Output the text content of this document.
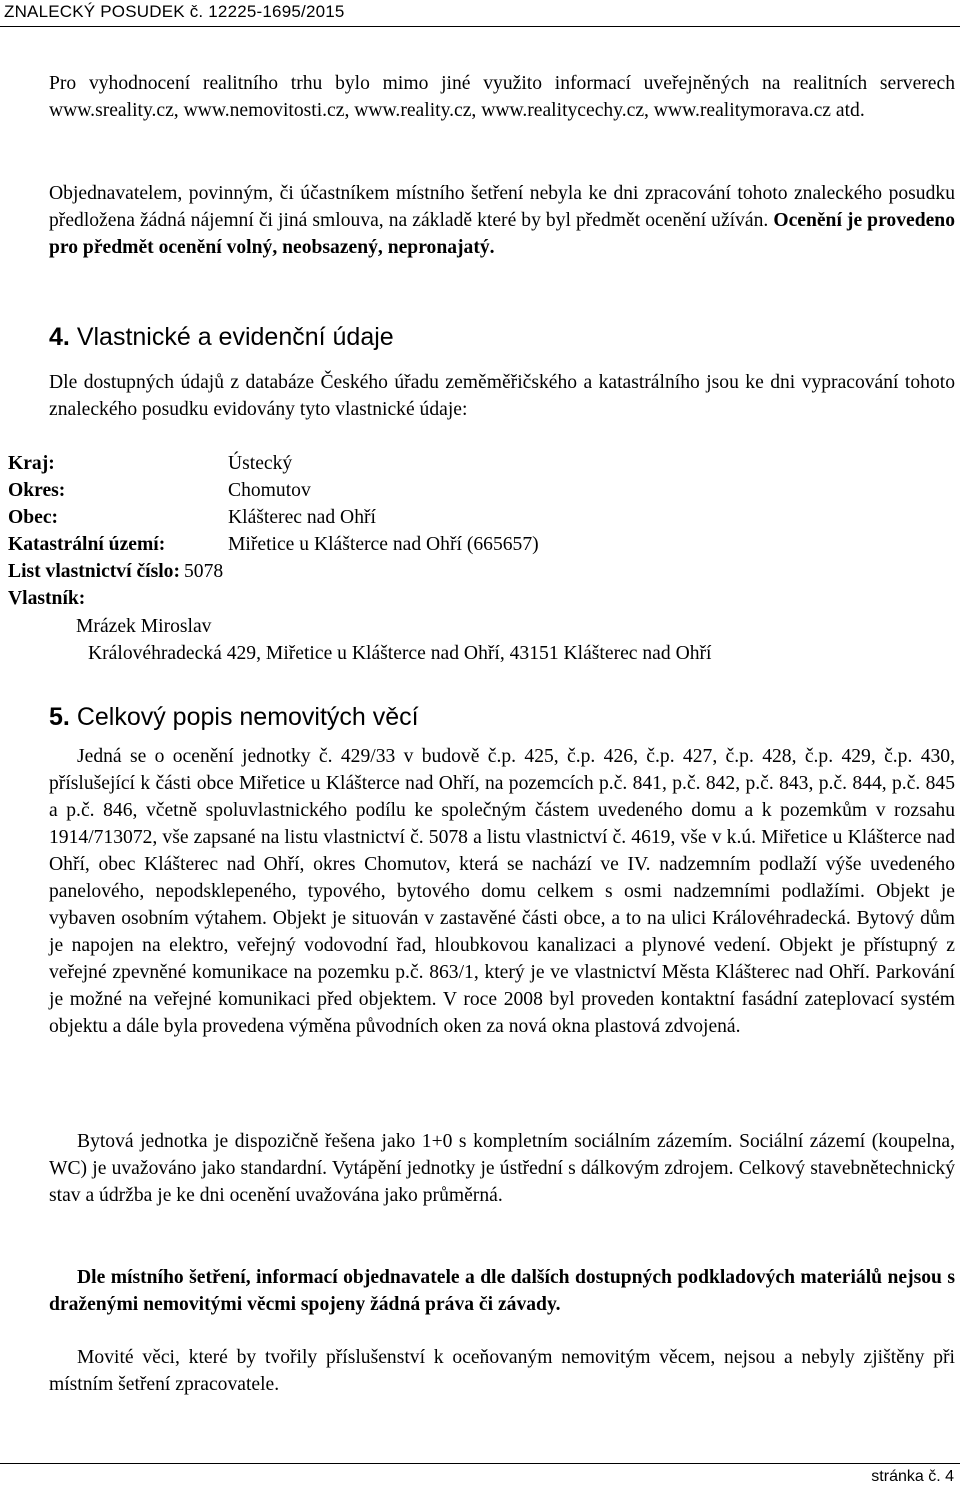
ZNALECKÝ POSUDEK č. 12225-1695/2015

Pro vyhodnocení realitního trhu bylo mimo jiné využito informací uveřejněných na realitních serverech www.sreality.cz, www.nemovitosti.cz, www.reality.cz, www.realitycechy.cz, www.realitymorava.cz atd.

Objednavatelem, povinným, či účastníkem místního šetření nebyla ke dni zpracování tohoto znaleckého posudku předložena žádná nájemní či jiná smlouva, na základě které by byl předmět ocenění užíván. Ocenění je provedeno pro předmět ocenění volný, neobsazený, nepronajatý.

4. Vlastnické a evidenční údaje

Dle dostupných údajů z databáze Českého úřadu zeměměřičského a katastrálního jsou ke dni vypracování tohoto znaleckého posudku evidovány tyto vlastnické údaje:

Kraj:	Ústecký
Okres:	Chomutov
Obec:	Klášterec nad Ohří
Katastrální území:	Miřetice u Klášterce nad Ohří (665657)
List vlastnictví číslo: 5078
Vlastník:
Mrázek Miroslav
Královéhradecká 429, Miřetice u Klášterce nad Ohří, 43151 Klášterec nad Ohří
5. Celkový popis nemovitých věcí

Jedná se o ocenění jednotky č. 429/33 v budově č.p. 425, č.p. 426, č.p. 427, č.p. 428, č.p. 429, č.p. 430, příslušející k části obce Miřetice u Klášterce nad Ohří, na pozemcích p.č. 841, p.č. 842, p.č. 843, p.č. 844, p.č. 845 a p.č. 846, včetně spoluvlastnického podílu ke společným částem uvedeného domu a k pozemkům v rozsahu 1914/713072, vše zapsané na listu vlastnictví č. 5078 a listu vlastnictví č. 4619, vše v k.ú. Miřetice u Klášterce nad Ohří, obec Klášterec nad Ohří, okres Chomutov, která se nachází ve IV. nadzemním podlaží výše uvedeného panelového, nepodsklepeného, typového, bytového domu celkem s osmi nadzemními podlažími. Objekt je vybaven osobním výtahem. Objekt je situován v zastavěné části obce, a to na ulici Královéhradecká. Bytový dům je napojen na elektro, veřejný vodovodní řad, hloubkovou kanalizaci a plynové vedení. Objekt je přístupný z veřejné zpevněné komunikace na pozemku p.č. 863/1, který je ve vlastnictví Města Klášterec nad Ohří. Parkování je možné na veřejné komunikaci před objektem. V roce 2008 byl proveden kontaktní fasádní zateplovací systém objektu a dále byla provedena výměna původních oken za nová okna plastová zdvojená.

Bytová jednotka je dispozičně řešena jako 1+0 s kompletním sociálním zázemím. Sociální zázemí (koupelna, WC) je uvažováno jako standardní. Vytápění jednotky je ústřední s dálkovým zdrojem. Celkový stavebnětechnický stav a údržba je ke dni ocenění uvažována jako průměrná.

Dle místního šetření, informací objednavatele a dle dalších dostupných podkladových materiálů nejsou s draženými nemovitými věcmi spojeny žádná práva či závady.

Movité věci, které by tvořily příslušenství k oceňovaným nemovitým věcem, nejsou a nebyly zjištěny při místním šetření zpracovatele.

stránka č. 4
